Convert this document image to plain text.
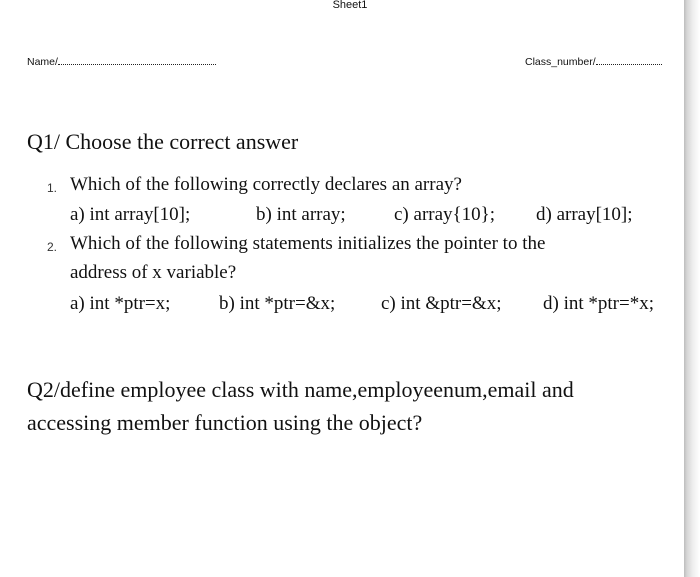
Sheet1
Name/	Class_number/
Q1/ Choose the correct answer
1. Which of the following correctly declares an array?
a) int array[10];	b) int array;	c) array{10}; d) array[10];
2. Which of the following statements initializes the pointer to the
address of x variable?
a) int *ptr=x;	b) int *ptr=&x; c) int &ptr=&x; d) int *ptr=*x;
Q2/define employee class with name,employeenum,email and
accessing member function using the object?
